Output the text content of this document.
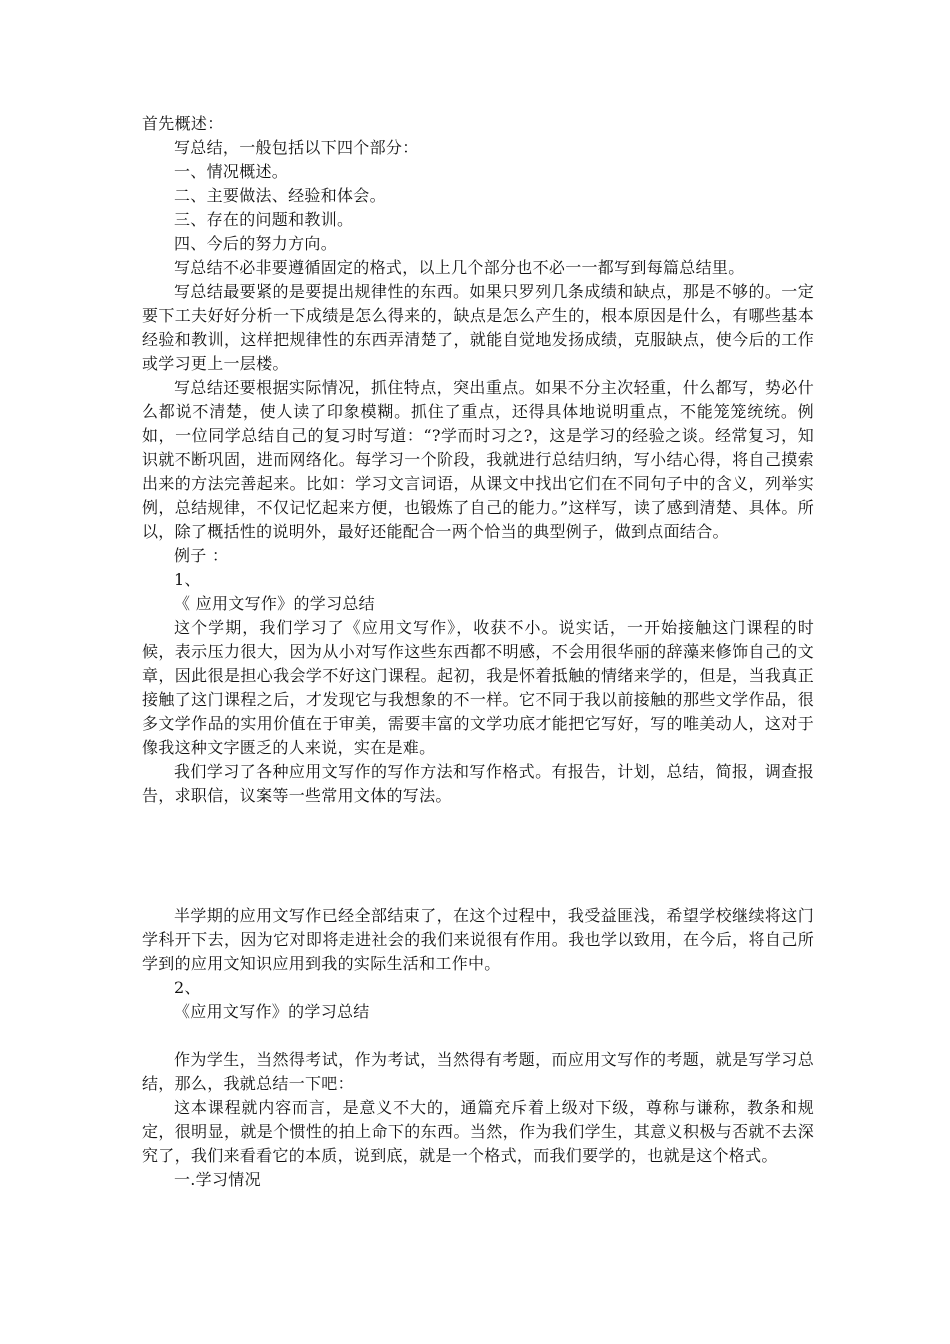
首先概述：

写总结，一般包括以下四个部分：

一、情况概述。

二、主要做法、经验和体会。

三、存在的问题和教训。

四、今后的努力方向。

写总结不必非要遵循固定的格式，以上几个部分也不必一一都写到每篇总结里。

写总结最要紧的是要提出规律性的东西。如果只罗列几条成绩和缺点，那是不够的。一定要下工夫好好分析一下成绩是怎么得来的，缺点是怎么产生的，根本原因是什么，有哪些基本经验和教训，这样把规律性的东西弄清楚了，就能自觉地发扬成绩，克服缺点，使今后的工作或学习更上一层楼。

写总结还要根据实际情况，抓住特点，突出重点。如果不分主次轻重，什么都写，势必什么都说不清楚，使人读了印象模糊。抓住了重点，还得具体地说明重点，不能笼笼统统。例如，一位同学总结自己的复习时写道：“?学而时习之?，这是学习的经验之谈。经常复习，知识就不断巩固，进而网络化。每学习一个阶段，我就进行总结归纳，写小结心得，将自己摸索出来的方法完善起来。比如：学习文言词语，从课文中找出它们在不同句子中的含义，列举实例，总结规律，不仅记忆起来方便，也锻炼了自己的能力。”这样写，读了感到清楚、具体。所以，除了概括性的说明外，最好还能配合一两个恰当的典型例子，做到点面结合。

例子 ：

1、

《 应用文写作》的学习总结

这个学期，我们学习了《应用文写作》，收获不小。说实话，一开始接触这门课程的时候，表示压力很大，因为从小对写作这些东西都不明感，不会用很华丽的辞藻来修饰自己的文章，因此很是担心我会学不好这门课程。起初，我是怀着抵触的情绪来学的，但是，当我真正接触了这门课程之后，才发现它与我想象的不一样。它不同于我以前接触的那些文学作品，很多文学作品的实用价值在于审美，需要丰富的文学功底才能把它写好，写的唯美动人，这对于像我这种文字匮乏的人来说，实在是难。

我们学习了各种应用文写作的写作方法和写作格式。有报告，计划，总结，简报，调查报告，求职信，议案等一些常用文体的写法。

半学期的应用文写作已经全部结束了，在这个过程中，我受益匪浅，希望学校继续将这门学科开下去，因为它对即将走进社会的我们来说很有作用。我也学以致用，在今后，将自己所学到的应用文知识应用到我的实际生活和工作中。

2、

《应用文写作》的学习总结

作为学生，当然得考试，作为考试，当然得有考题，而应用文写作的考题，就是写学习总结，那么，我就总结一下吧：

这本课程就内容而言，是意义不大的，通篇充斥着上级对下级，尊称与谦称，教条和规定，很明显，就是个惯性的拍上命下的东西。当然，作为我们学生，其意义积极与否就不去深究了，我们来看看它的本质，说到底，就是一个格式，而我们要学的，也就是这个格式。

一.学习情况
